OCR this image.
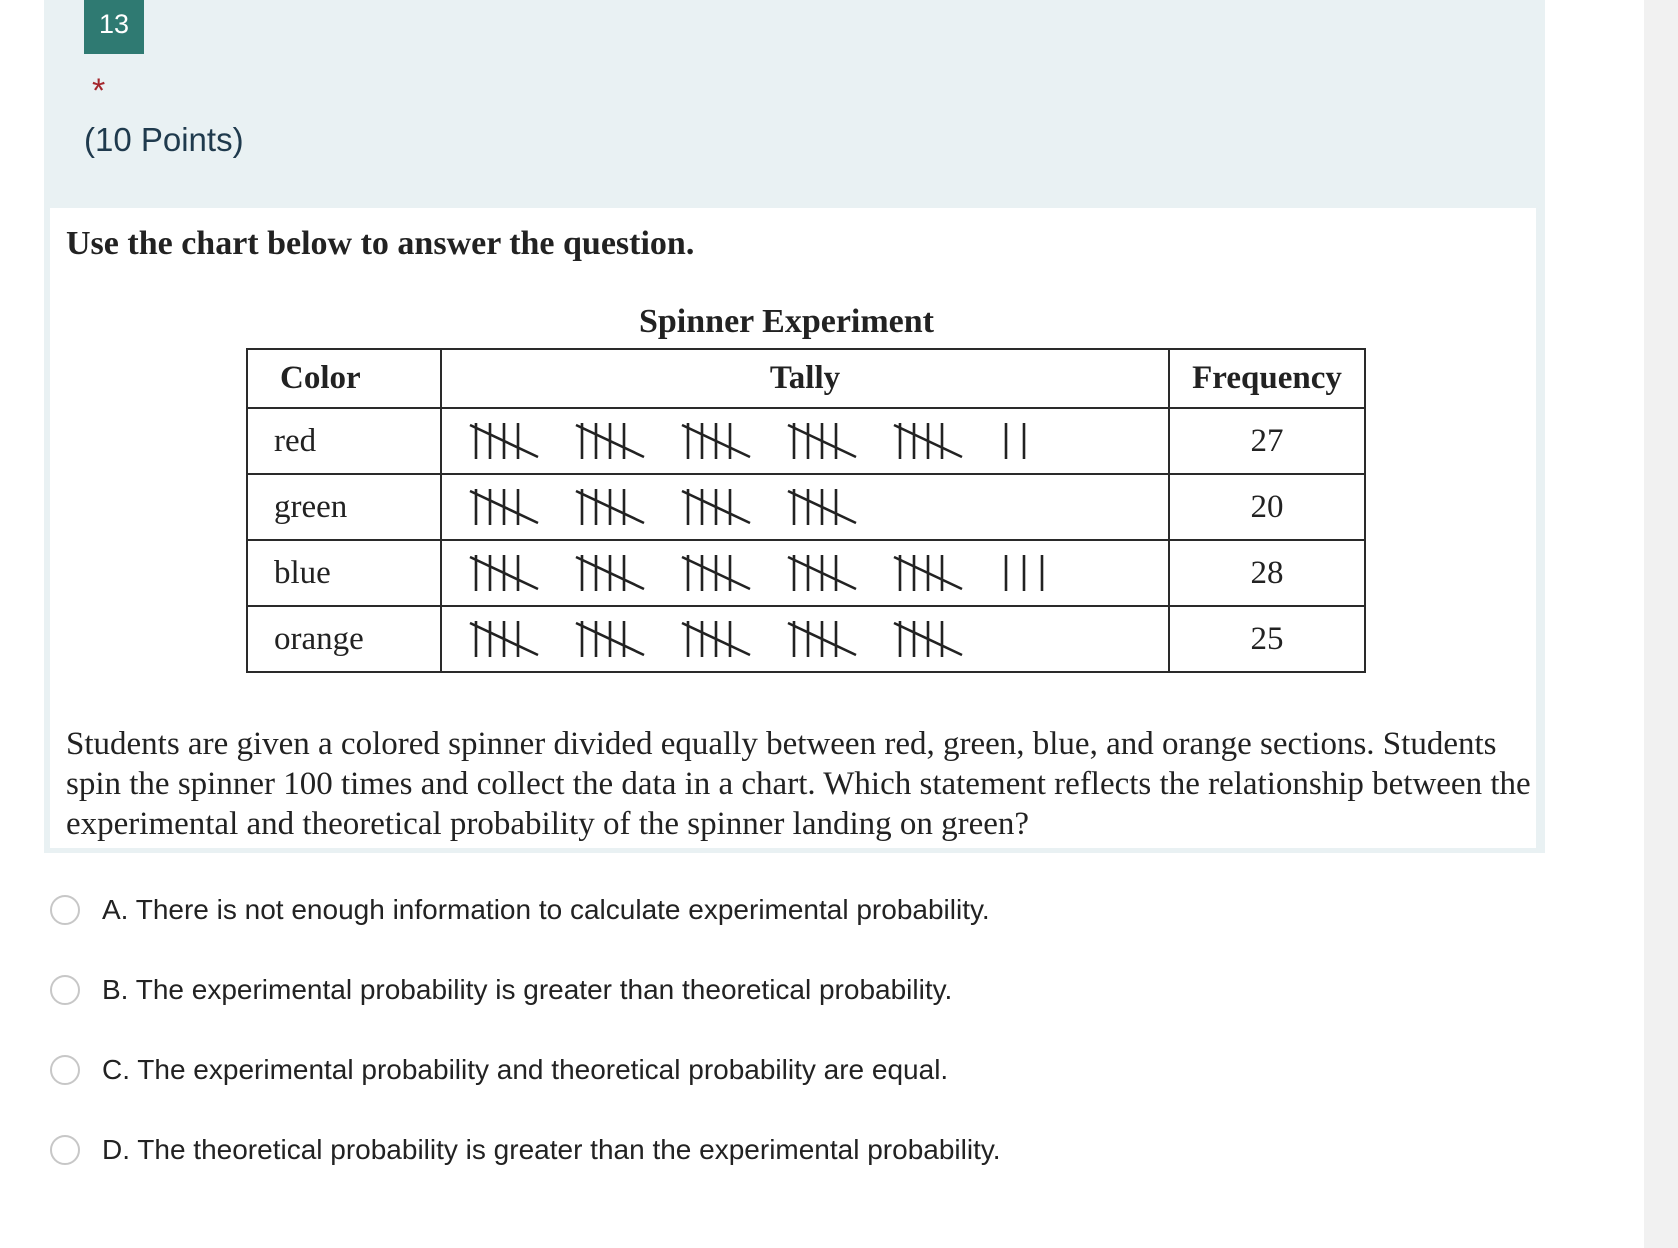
13
*
(10 Points)
Use the chart below to answer the question.
Spinner Experiment
Color	Tally	Frequency
red		27
green		20
blue		28
orange		25
Students are given a colored spinner divided equally between red, green, blue, and orange sections. Students spin the spinner 100 times and collect the data in a chart. Which statement reflects the relationship between the experimental and theoretical probability of the spinner landing on green?
A. There is not enough information to calculate experimental probability.
B. The experimental probability is greater than theoretical probability.
C. The experimental probability and theoretical probability are equal.
D. The theoretical probability is greater than the experimental probability.
